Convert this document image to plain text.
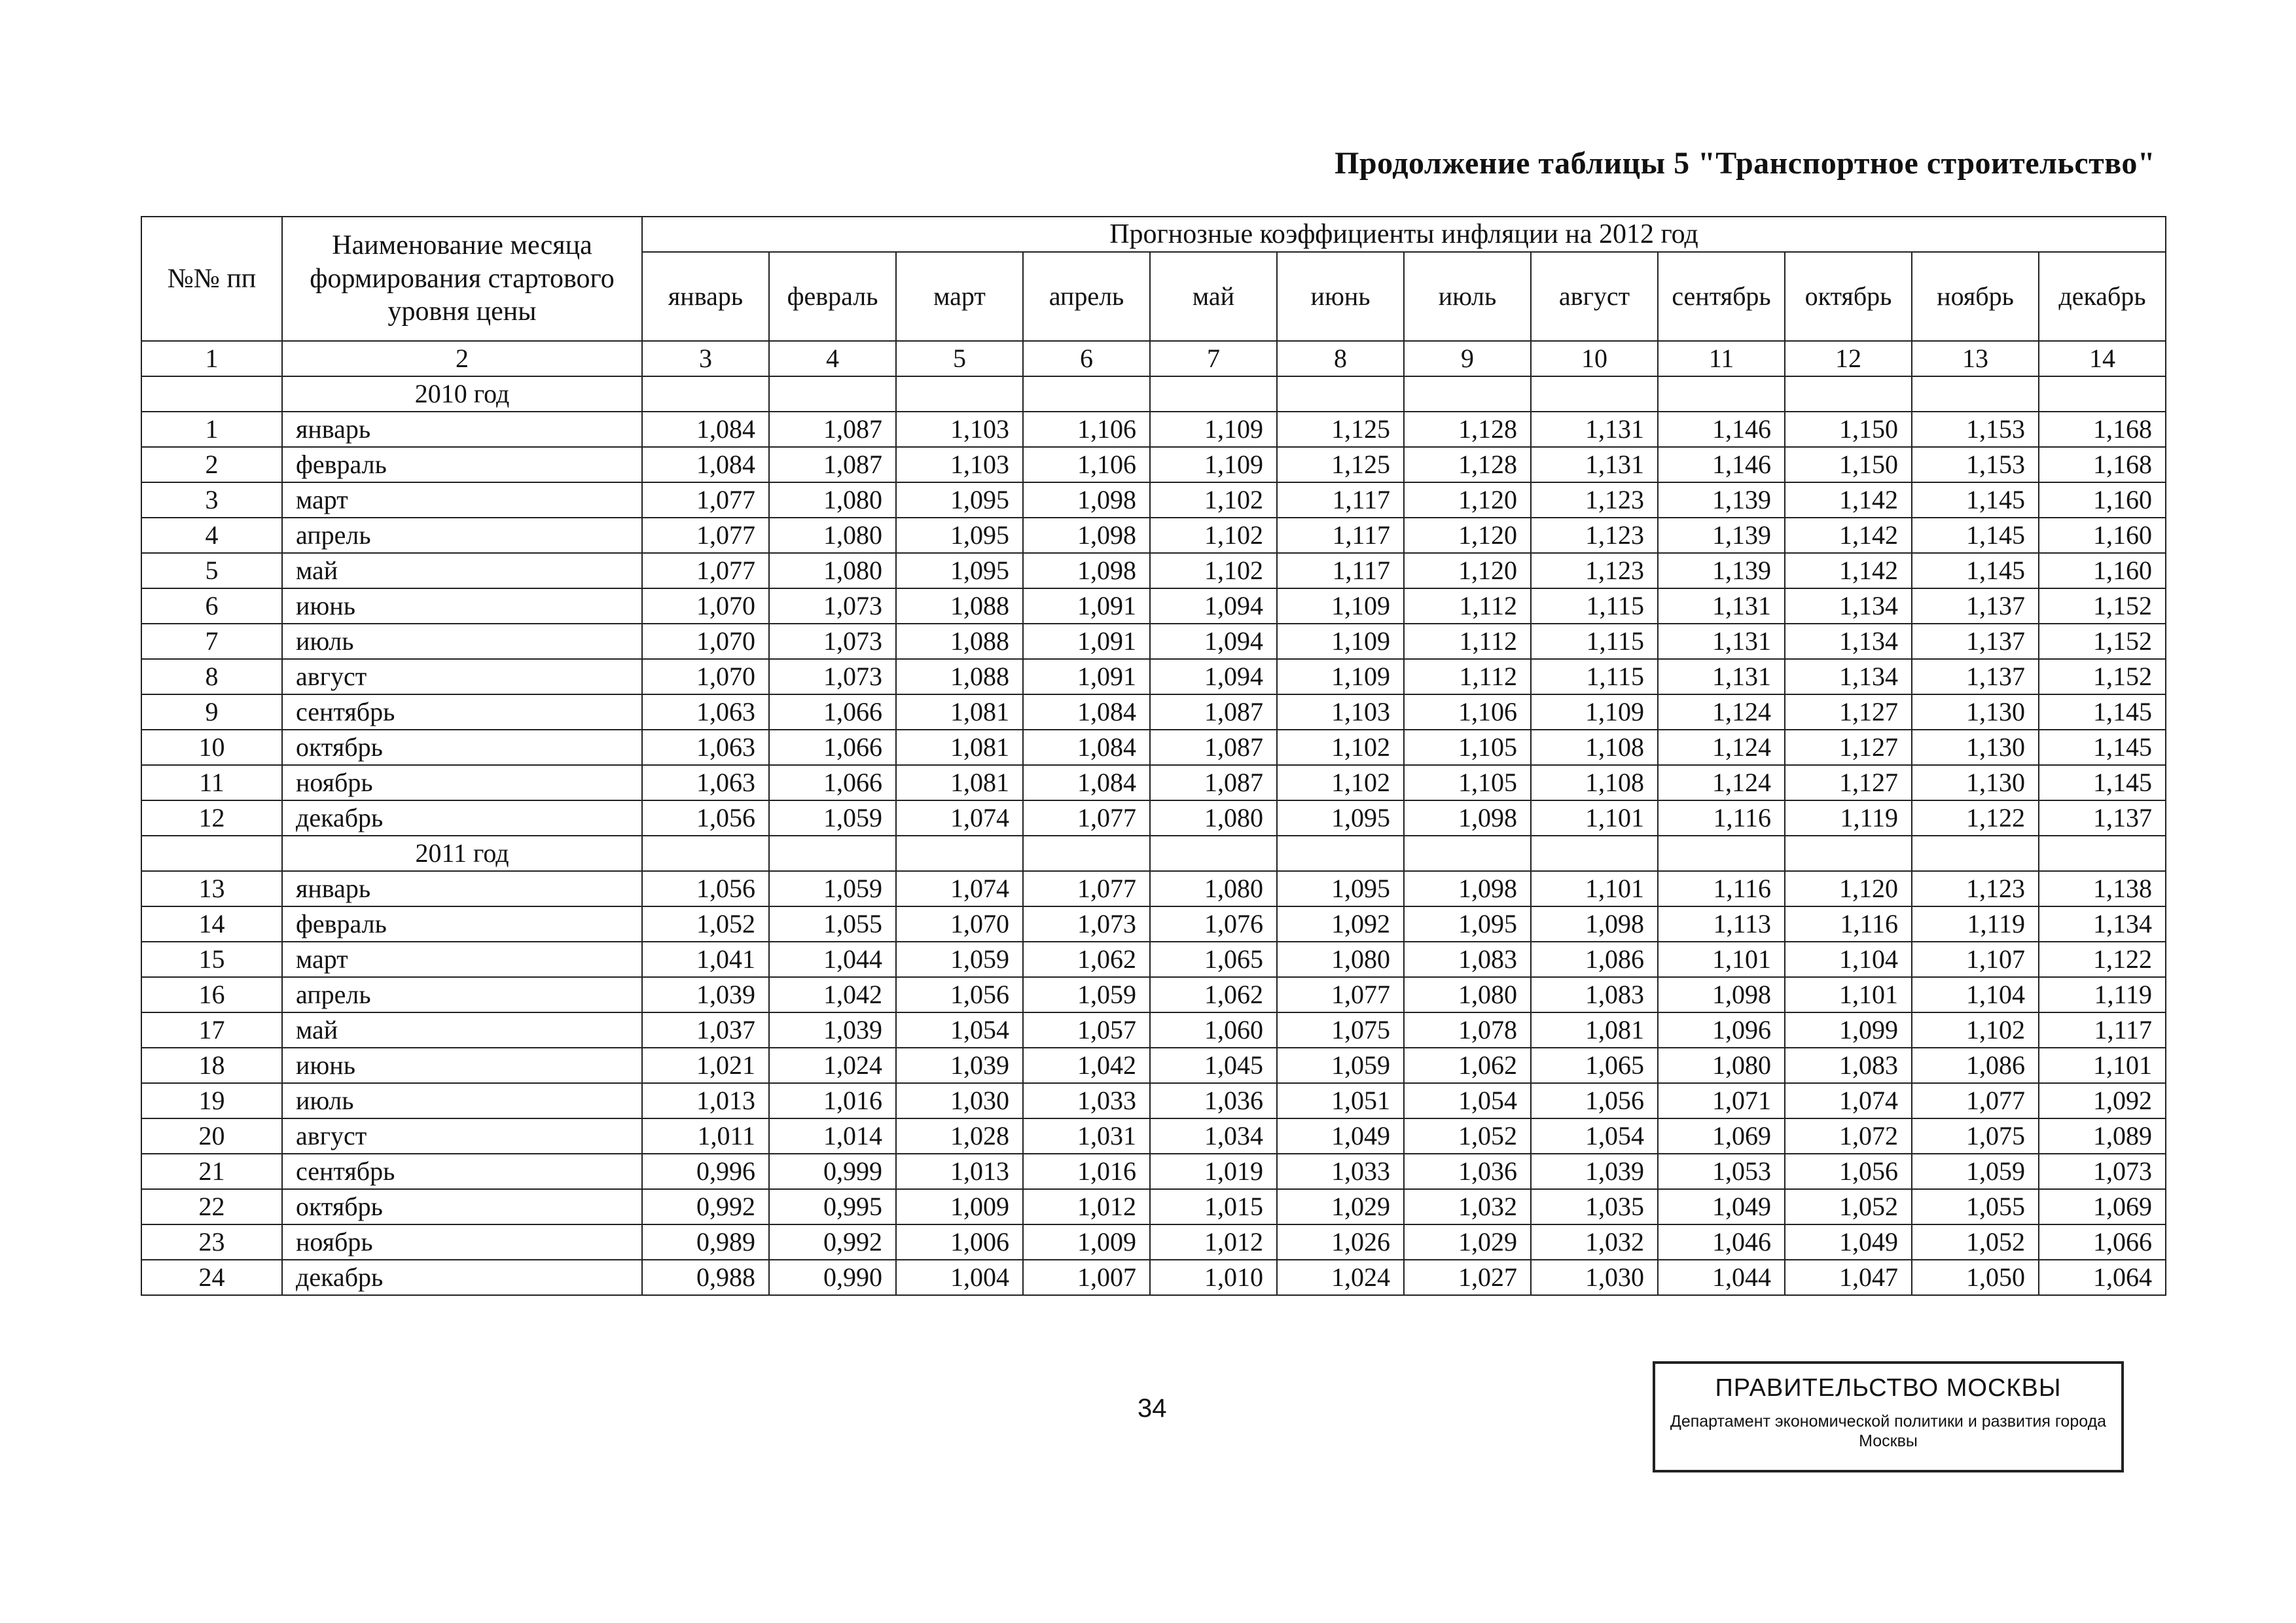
Продолжение таблицы 5 "Транспортное строительство"
№№ пп	Наименование месяца формирования стартового уровня цены	Прогнозные коэффициенты инфляции на 2012 год											
		январь	февраль	март	апрель	май	июнь	июль	август	сентябрь	октябрь	ноябрь	декабрь
1	2	3	4	5	6	7	8	9	10	11	12	13	14
	2010 год												
1	январь	1,084	1,087	1,103	1,106	1,109	1,125	1,128	1,131	1,146	1,150	1,153	1,168
2	февраль	1,084	1,087	1,103	1,106	1,109	1,125	1,128	1,131	1,146	1,150	1,153	1,168
3	март	1,077	1,080	1,095	1,098	1,102	1,117	1,120	1,123	1,139	1,142	1,145	1,160
4	апрель	1,077	1,080	1,095	1,098	1,102	1,117	1,120	1,123	1,139	1,142	1,145	1,160
5	май	1,077	1,080	1,095	1,098	1,102	1,117	1,120	1,123	1,139	1,142	1,145	1,160
6	июнь	1,070	1,073	1,088	1,091	1,094	1,109	1,112	1,115	1,131	1,134	1,137	1,152
7	июль	1,070	1,073	1,088	1,091	1,094	1,109	1,112	1,115	1,131	1,134	1,137	1,152
8	август	1,070	1,073	1,088	1,091	1,094	1,109	1,112	1,115	1,131	1,134	1,137	1,152
9	сентябрь	1,063	1,066	1,081	1,084	1,087	1,103	1,106	1,109	1,124	1,127	1,130	1,145
10	октябрь	1,063	1,066	1,081	1,084	1,087	1,102	1,105	1,108	1,124	1,127	1,130	1,145
11	ноябрь	1,063	1,066	1,081	1,084	1,087	1,102	1,105	1,108	1,124	1,127	1,130	1,145
12	декабрь	1,056	1,059	1,074	1,077	1,080	1,095	1,098	1,101	1,116	1,119	1,122	1,137
	2011 год												
13	январь	1,056	1,059	1,074	1,077	1,080	1,095	1,098	1,101	1,116	1,120	1,123	1,138
14	февраль	1,052	1,055	1,070	1,073	1,076	1,092	1,095	1,098	1,113	1,116	1,119	1,134
15	март	1,041	1,044	1,059	1,062	1,065	1,080	1,083	1,086	1,101	1,104	1,107	1,122
16	апрель	1,039	1,042	1,056	1,059	1,062	1,077	1,080	1,083	1,098	1,101	1,104	1,119
17	май	1,037	1,039	1,054	1,057	1,060	1,075	1,078	1,081	1,096	1,099	1,102	1,117
18	июнь	1,021	1,024	1,039	1,042	1,045	1,059	1,062	1,065	1,080	1,083	1,086	1,101
19	июль	1,013	1,016	1,030	1,033	1,036	1,051	1,054	1,056	1,071	1,074	1,077	1,092
20	август	1,011	1,014	1,028	1,031	1,034	1,049	1,052	1,054	1,069	1,072	1,075	1,089
21	сентябрь	0,996	0,999	1,013	1,016	1,019	1,033	1,036	1,039	1,053	1,056	1,059	1,073
22	октябрь	0,992	0,995	1,009	1,012	1,015	1,029	1,032	1,035	1,049	1,052	1,055	1,069
23	ноябрь	0,989	0,992	1,006	1,009	1,012	1,026	1,029	1,032	1,046	1,049	1,052	1,066
24	декабрь	0,988	0,990	1,004	1,007	1,010	1,024	1,027	1,030	1,044	1,047	1,050	1,064

34

ПРАВИТЕЛЬСТВО МОСКВЫ
Департамент экономической политики и развития города Москвы
